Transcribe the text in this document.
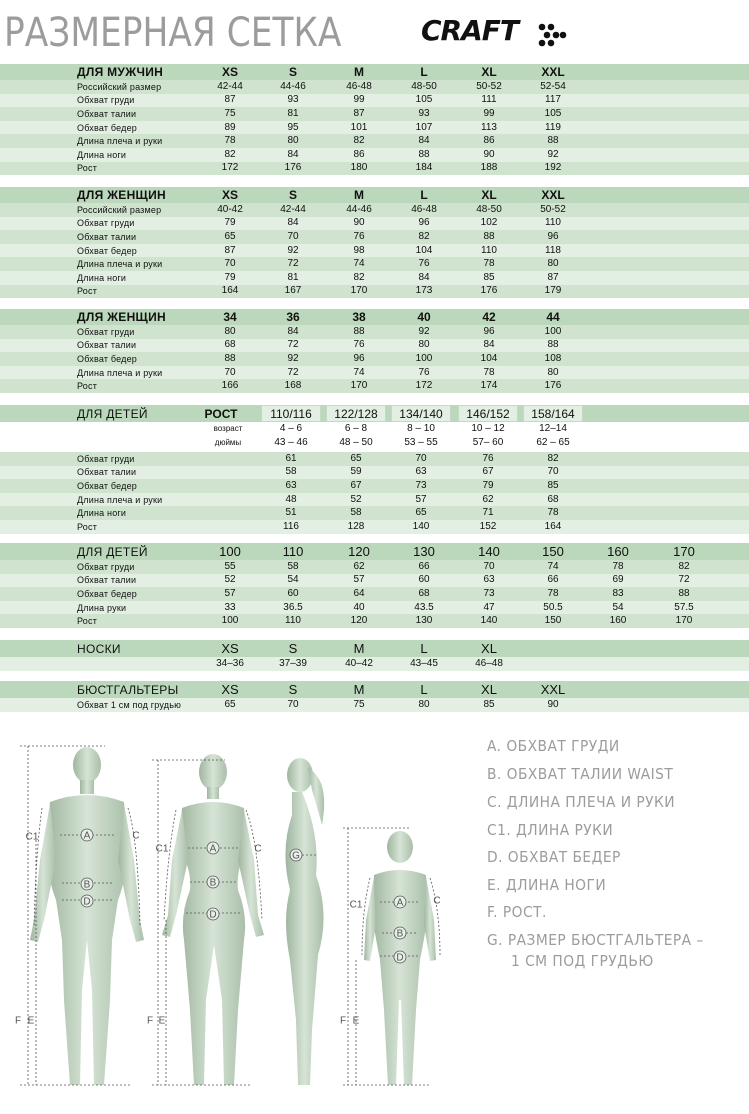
РАЗМЕРНАЯ СЕТКА	CRAFT
ДЛЯ МУЖЧИН	XS	S	M	L	XL	XXL
Российский размер	42-44	44-46	46-48	48-50	50-52	52-54
Обхват груди	87	93	99	105	111	117
Обхват талии	75	81	87	93	99	105
Обхват бедер	89	95	101	107	113	119
Длина плеча и руки	78	80	82	84	86	88
Длина ноги	82	84	86	88	90	92
Рост	172	176	180	184	188	192
ДЛЯ ЖЕНЩИН	XS	S	M	L	XL	XXL
Российский размер	40-42	42-44	44-46	46-48	48-50	50-52
Обхват груди	79	84	90	96	102	110
Обхват талии	65	70	76	82	88	96
Обхват бедер	87	92	98	104	110	118
Длина плеча и руки	70	72	74	76	78	80
Длина ноги	79	81	82	84	85	87
Рост	164	167	170	173	176	179
ДЛЯ ЖЕНЩИН	34	36	38	40	42	44
Обхват груди	80	84	88	92	96	100
Обхват талии	68	72	76	80	84	88
Обхват бедер	88	92	96	100	104	108
Длина плеча и руки	70	72	74	76	78	80
Рост	166	168	170	172	174	176
ДЛЯ ДЕТЕЙ	РОСТ	110/116	122/128	134/140	146/152	158/164
возраст	4 – 6	6 – 8	8 – 10	10 – 12	12–14
дюймы	43 – 46	48 – 50	53 – 55	57– 60	62 – 65
Обхват груди	61	65	70	76	82
Обхват талии	58	59	63	67	70
Обхват бедер	63	67	73	79	85
Длина плеча и руки	48	52	57	62	68
Длина ноги	51	58	65	71	78
Рост	116	128	140	152	164
ДЛЯ ДЕТЕЙ	100	110	120	130	140	150	160	170
Обхват груди	55	58	62	66	70	74	78	82
Обхват талии	52	54	57	60	63	66	69	72
Обхват бедер	57	60	64	68	73	78	83	88
Длина руки	33	36.5	40	43.5	47	50.5	54	57.5
Рост	100	110	120	130	140	150	160	170
НОСКИ	XS	S	M	L	XL
34–36	37–39	40–42	43–45	46–48
БЮСТГАЛЬТЕРЫ	XS	S	M	L	XL	XXL
Обхват 1 см под грудью	65	70	75	80	85	90
A
B
D
C1	C
F E
A
B
D
C1	C
F E
G
A
B
D
C1	C
F E
A. ОБХВАТ ГРУДИ
B. ОБХВАТ ТАЛИИ WAIST
C. ДЛИНА ПЛЕЧА И РУКИ
C1. ДЛИНА РУКИ
D. ОБХВАТ БЕДЕР
E. ДЛИНА НОГИ
F. РОСТ.
G. РАЗМЕР БЮСТГАЛЬТЕРА –
1 СМ ПОД ГРУДЬЮ
